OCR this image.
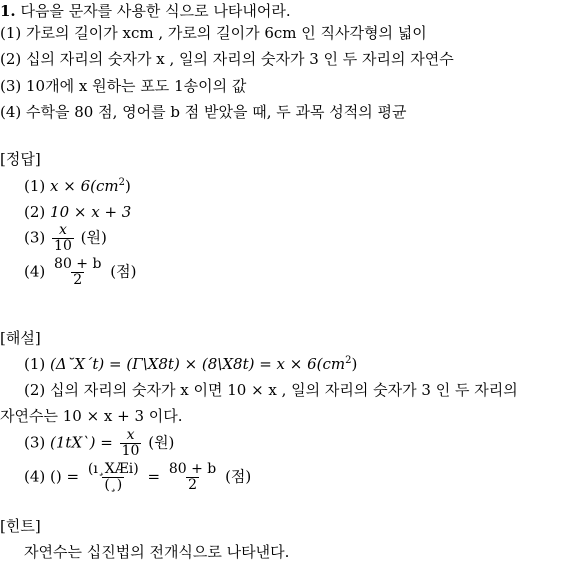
1. 다음을 문자를 사용한 식으로 나타내어라.
(1) 가로의 길이가 xcm , 가로의 길이가 6cm 인 직사각형의 넓이
(2) 십의 자리의 숫자가 x , 일의 자리의 숫자가 3 인 두 자리의 자연수
(3) 10개에 x 원하는 포도 1송이의 값
(4) 수학을 80 점, 영어를 b 점 받았을 때, 두 과목 성적의 평균
[정답]
(1) $x \times 6(cm^2)$
(2) 10 × x + 3
$(3) \frac{x}{10}$ (원)
$(4) \frac{80 + b}{2}$ (점)
[해설]
(1) (Δ˘X´t) = (Γ\X8t) × (8\X8t) = $x \times 6(cm^2)$
(2) 십의 자리의 숫자가 x 이면 10 × x , 일의 자리의 숫자가 3 인 두 자리의
자연수는 10 × x + 3 이다.
(3) (1tX`) = $\frac{x}{10}$ (원)
(4) () = $\frac{\text{(ı¸XÆi)}}{(¸)} = \frac{80 + b}{2}$ (점)
[힌트]
자연수는 십진법의 전개식으로 나타낸다.
